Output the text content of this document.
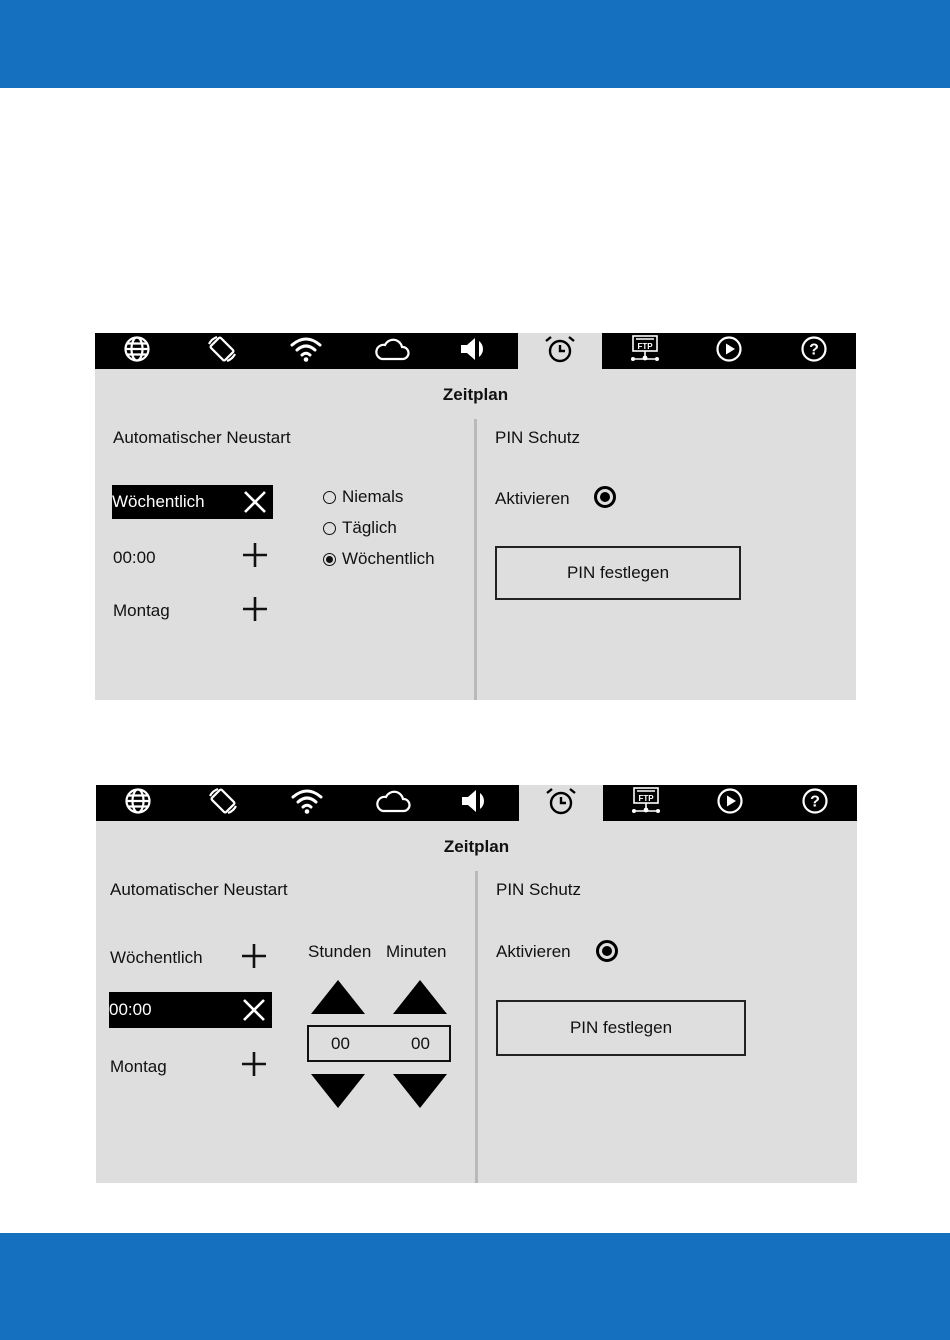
FTP	?
Zeitplan
Automatischer Neustart
Wöchentlich
00:00
Montag
Niemals
Täglich
Wöchentlich
PIN Schutz
Aktivieren
PIN festlegen
FTP	?
Zeitplan
Automatischer Neustart
Wöchentlich
00:00
Montag
Stunden Minuten
00	00
PIN Schutz
Aktivieren
PIN festlegen
